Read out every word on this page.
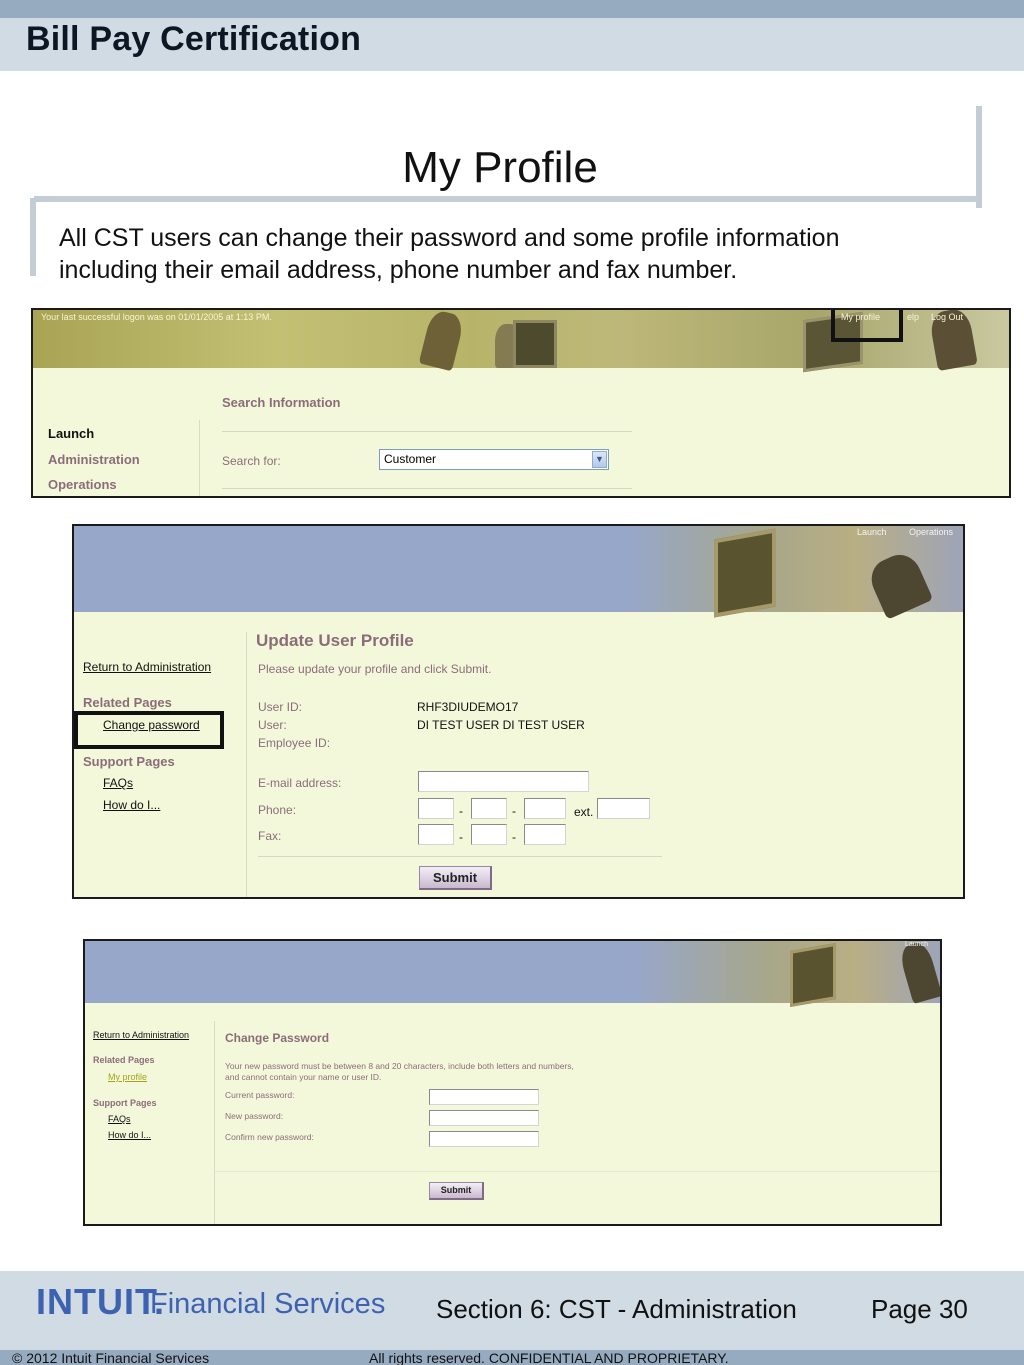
Bill Pay Certification
My Profile
All CST users can change their password and some profile information including their email address, phone number and fax number.
Your last successful logon was on 01/01/2005 at 1:13 PM.	My profile	elp Log Out
Launch
Administration
Operations
Search Information
Search for:	Customer	▼
Launch Operations
Return to Administration
Related Pages
Change password
Support Pages
FAQs
How do I...
Update User Profile
Please update your profile and click Submit.
User ID:	RHF3DIUDEMO17
User:	DI TEST USER DI TEST USER
Employee ID:
E-mail address:
Phone:	-	-	ext.
Fax:	-	-
Submit
Launch
Return to Administration
Related Pages
My profile
Support Pages
FAQs
How do I...
Change Password
Your new password must be between 8 and 20 characters, include both letters and numbers, and cannot contain your name or user ID.
Current password:
New password:
Confirm new password:
Submit
INTUIT.
Financial Services Section 6: CST - Administration	Page 30
© 2012 Intuit Financial Services	All rights reserved. CONFIDENTIAL AND PROPRIETARY.
